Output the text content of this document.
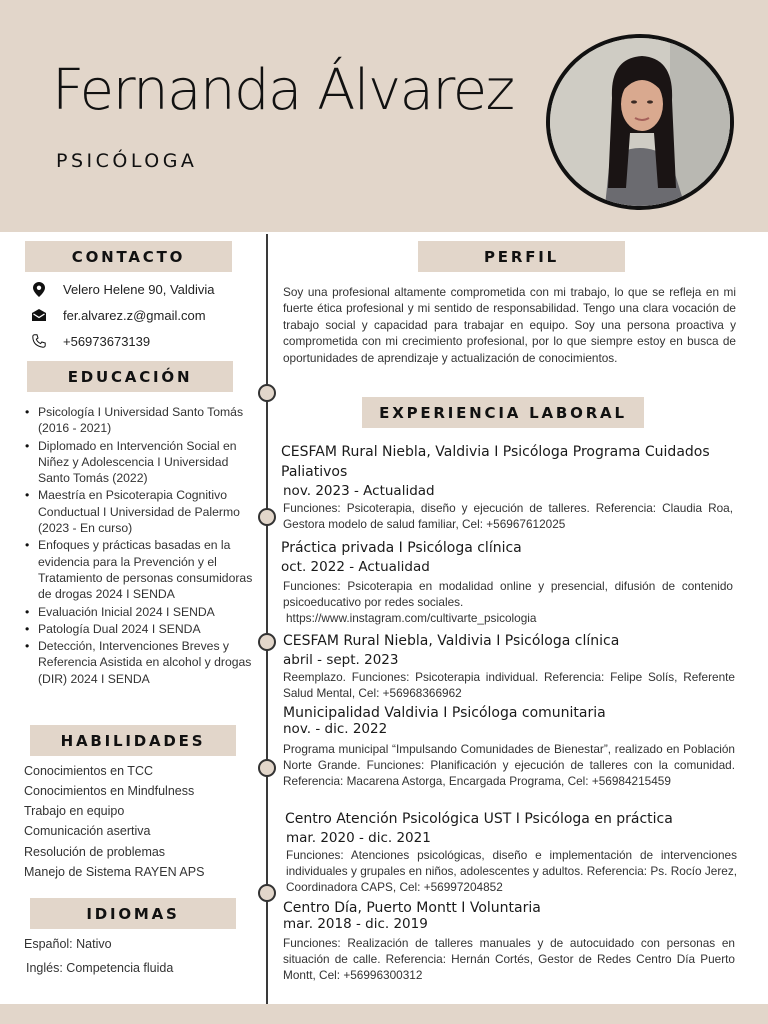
Fernanda Álvarez
PSICÓLOGA
CONTACTO
Velero Helene 90, Valdivia
fer.alvarez.z@gmail.com
+56973673139
EDUCACIÓN
• Psicología I Universidad Santo Tomás (2016 - 2021)
• Diplomado en Intervención Social en Niñez y Adolescencia I Universidad Santo Tomás (2022)
• Maestría en Psicoterapia Cognitivo Conductual I Universidad de Palermo (2023 - En curso)
• Enfoques y prácticas basadas en la evidencia para la Prevención y el Tratamiento de personas consumidoras de drogas 2024 I SENDA
• Evaluación Inicial 2024 I SENDA
• Patología Dual 2024 I SENDA
• Detección, Intervenciones Breves y Referencia Asistida en alcohol y drogas (DIR) 2024 I SENDA
HABILIDADES
Conocimientos en TCC
Conocimientos en Mindfulness
Trabajo en equipo
Comunicación asertiva
Resolución de problemas
Manejo de Sistema RAYEN APS
IDIOMAS
Español: Nativo
Inglés: Competencia fluida
PERFIL
Soy una profesional altamente comprometida con mi trabajo, lo que se refleja en mi fuerte ética profesional y mi sentido de responsabilidad. Tengo una clara vocación de trabajo social y capacidad para trabajar en equipo. Soy una persona proactiva y comprometida con mi crecimiento profesional, por lo que siempre estoy en busca de oportunidades de aprendizaje y actualización de conocimientos.
EXPERIENCIA LABORAL
CESFAM Rural Niebla, Valdivia I Psicóloga Programa Cuidados Paliativos
nov. 2023 - Actualidad
Funciones: Psicoterapia, diseño y ejecución de talleres. Referencia: Claudia Roa, Gestora modelo de salud familiar, Cel: +56967612025
Práctica privada I Psicóloga clínica
oct. 2022 - Actualidad
Funciones: Psicoterapia en modalidad online y presencial, difusión de contenido psicoeducativo por redes sociales.
https://www.instagram.com/cultivarte_psicologia
CESFAM Rural Niebla, Valdivia I Psicóloga clínica
abril - sept. 2023
Reemplazo. Funciones: Psicoterapia individual. Referencia: Felipe Solís, Referente Salud Mental, Cel: +56968366962
Municipalidad Valdivia I Psicóloga comunitaria
nov. - dic. 2022
Programa municipal “Impulsando Comunidades de Bienestar”, realizado en Población Norte Grande. Funciones: Planificación y ejecución de talleres con la comunidad. Referencia: Macarena Astorga, Encargada Programa, Cel: +56984215459
Centro Atención Psicológica UST I Psicóloga en práctica
mar. 2020 - dic. 2021
Funciones: Atenciones psicológicas, diseño e implementación de intervenciones individuales y grupales en niños, adolescentes y adultos. Referencia: Ps. Rocío Jerez, Coordinadora CAPS, Cel: +56997204852
Centro Día, Puerto Montt I Voluntaria
mar. 2018 - dic. 2019
Funciones: Realización de talleres manuales y de autocuidado con personas en situación de calle. Referencia: Hernán Cortés, Gestor de Redes Centro Día Puerto Montt, Cel: +56996300312
